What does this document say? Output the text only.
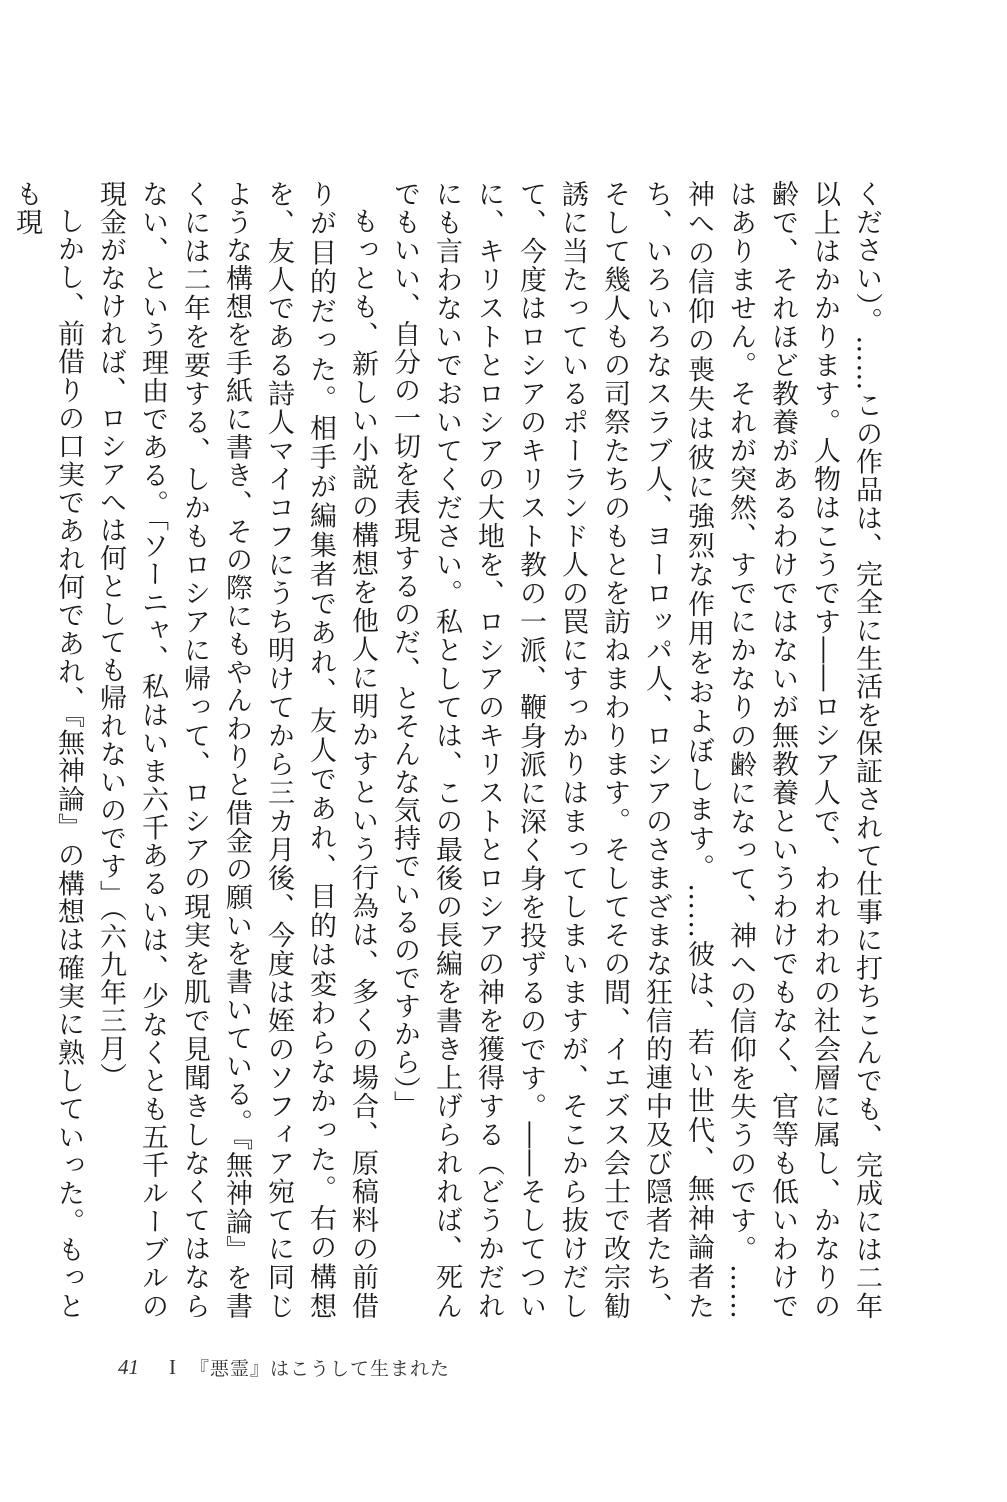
ください）。……この作品は、完全に生活を保証されて仕事に打ちこんでも、完成には二年以上はかかります。人物はこうです――ロシア人で、われわれの社会層に属し、かなりの齢で、それほど教養があるわけではないが無教養というわけでもなく、官等も低いわけではありません。それが突然、すでにかなりの齢になって、神への信仰を失うのです。……神への信仰の喪失は彼に強烈な作用をおよぼします。……彼は、若い世代、無神論者たち、いろいろなスラブ人、ヨーロッパ人、ロシアのさまざまな狂信的連中及び隠者たち、そして幾人もの司祭たちのもとを訪ねまわります。そしてその間、イエズス会士で改宗勧誘に当たっているポーランド人の罠にすっかりはまってしまいますが、そこから抜けだして、今度はロシアのキリスト教の一派、鞭身派に深く身を投ずるのです。――そしてついに、キリストとロシアの大地を、ロシアのキリストとロシアの神を獲得する（どうかだれにも言わないでおいてください。私としては、この最後の長編を書き上げられれば、死んでもいい、自分の一切を表現するのだ、とそんな気持でいるのですから）」

もっとも、新しい小説の構想を他人に明かすという行為は、多くの場合、原稿料の前借りが目的だった。相手が編集者であれ、友人であれ、目的は変わらなかった。右の構想を、友人である詩人マイコフにうち明けてから三カ月後、今度は姪のソフィア宛てに同じような構想を手紙に書き、その際にもやんわりと借金の願いを書いている。『無神論』を書くには二年を要する、しかもロシアに帰って、ロシアの現実を肌で見聞きしなくてはならない、という理由である。「ソーニャ、私はいま六千あるいは、少なくとも五千ルーブルの現金がなければ、ロシアへは何としても帰れないのです」（六九年三月）

しかし、前借りの口実であれ何であれ、『無神論』の構想は確実に熟していった。もっとも現

41 I 『悪霊』はこうして生まれた
